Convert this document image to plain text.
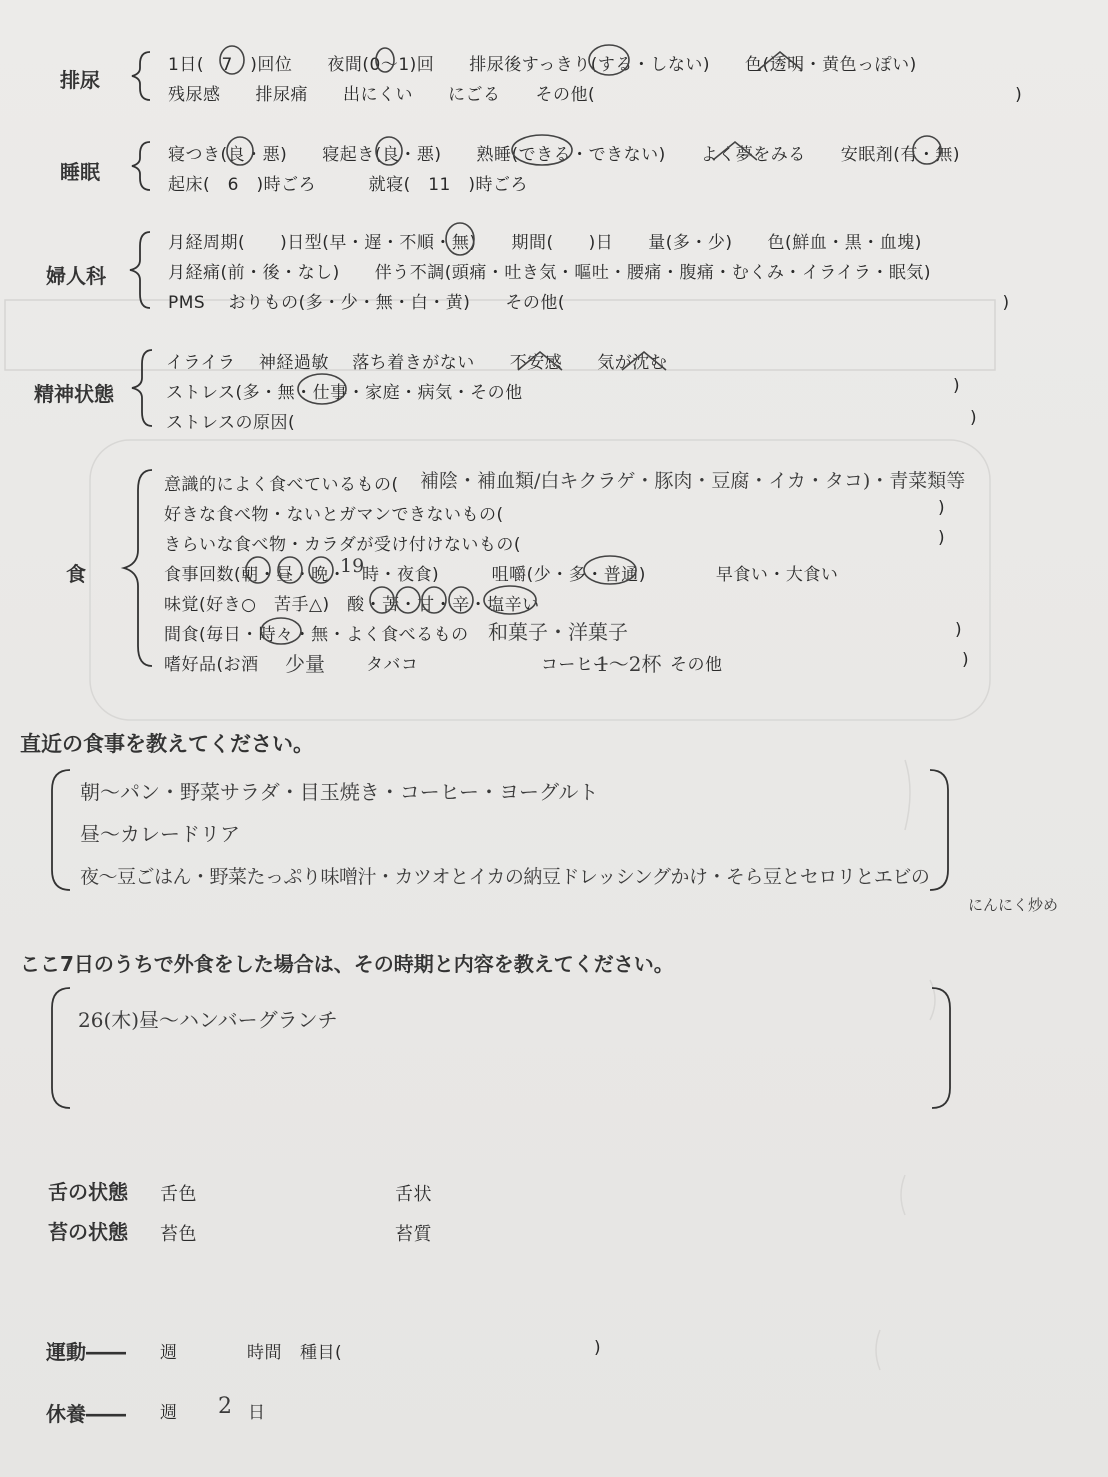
排尿
1日(　7　)回位　　夜間(0〜1)回　　排尿後すっきり(する・しない)　　色(透明・黄色っぽい)
残尿感　　排尿痛　　出にくい　　にごる　　その他(　　　　　　　　　　　　　　　　　　　　　　　　)
睡眠
寝つき(良・悪)　　寝起き(良・悪)　　熟睡(できる・できない)　　よく夢をみる　　安眠剤(有・無)
起床(　6　)時ごろ　　　就寝(　11　)時ごろ
婦人科
月経周期(　　)日型(早・遅・不順・無)　　期間(　　)日　　量(多・少)　　色(鮮血・黒・血塊)
月経痛(前・後・なし)　　伴う不調(頭痛・吐き気・嘔吐・腰痛・腹痛・むくみ・イライラ・眠気)
PMS　 おりもの(多・少・無・白・黄)　　その他(　　　　　　　　　　　　　　　　　　　　　　　　　)
精神状態
イライラ　 神経過敏　 落ち着きがない　　不安感　　気が沈む
ストレス(多・無・仕事・家庭・病気・その他	)
ストレスの原因(	)
食
意識的によく食べているもの( 補陰・補血類/白キクラゲ・豚肉・豆腐・イカ・タコ)・青菜類等
好きな食べ物・ないとガマンできないもの(	)
きらいな食べ物・カラダが受け付けないもの(	)
食事回数(朝・昼・晩・
19
時・夜食)　　　咀嚼(少・多・普通)　　　　早食い・大食い
味覚(好き○　苦手△)　酸・苦・甘・辛・塩辛い
間食(毎日・時々・無・よく食べるもの 和菓子・洋菓子	)
嗜好品(お酒 少量 タバコ　　　　　　　コーヒー
1〜2杯 その他	)
直近の食事を教えてください。
朝〜パン・野菜サラダ・目玉焼き・コーヒー・ヨーグルト
昼〜カレードリア
夜〜豆ごはん・野菜たっぷり味噌汁・カツオとイカの納豆ドレッシングかけ・そら豆とセロリとエビの
にんにく炒め
ここ7日のうちで外食をした場合は、その時期と内容を教えてください。
26(木)昼〜ハンバーグランチ
舌の状態 舌色	舌状
苔の状態 苔色	苔質
運動―― 週	時間 種目(	)
休養―― 週 2 日
